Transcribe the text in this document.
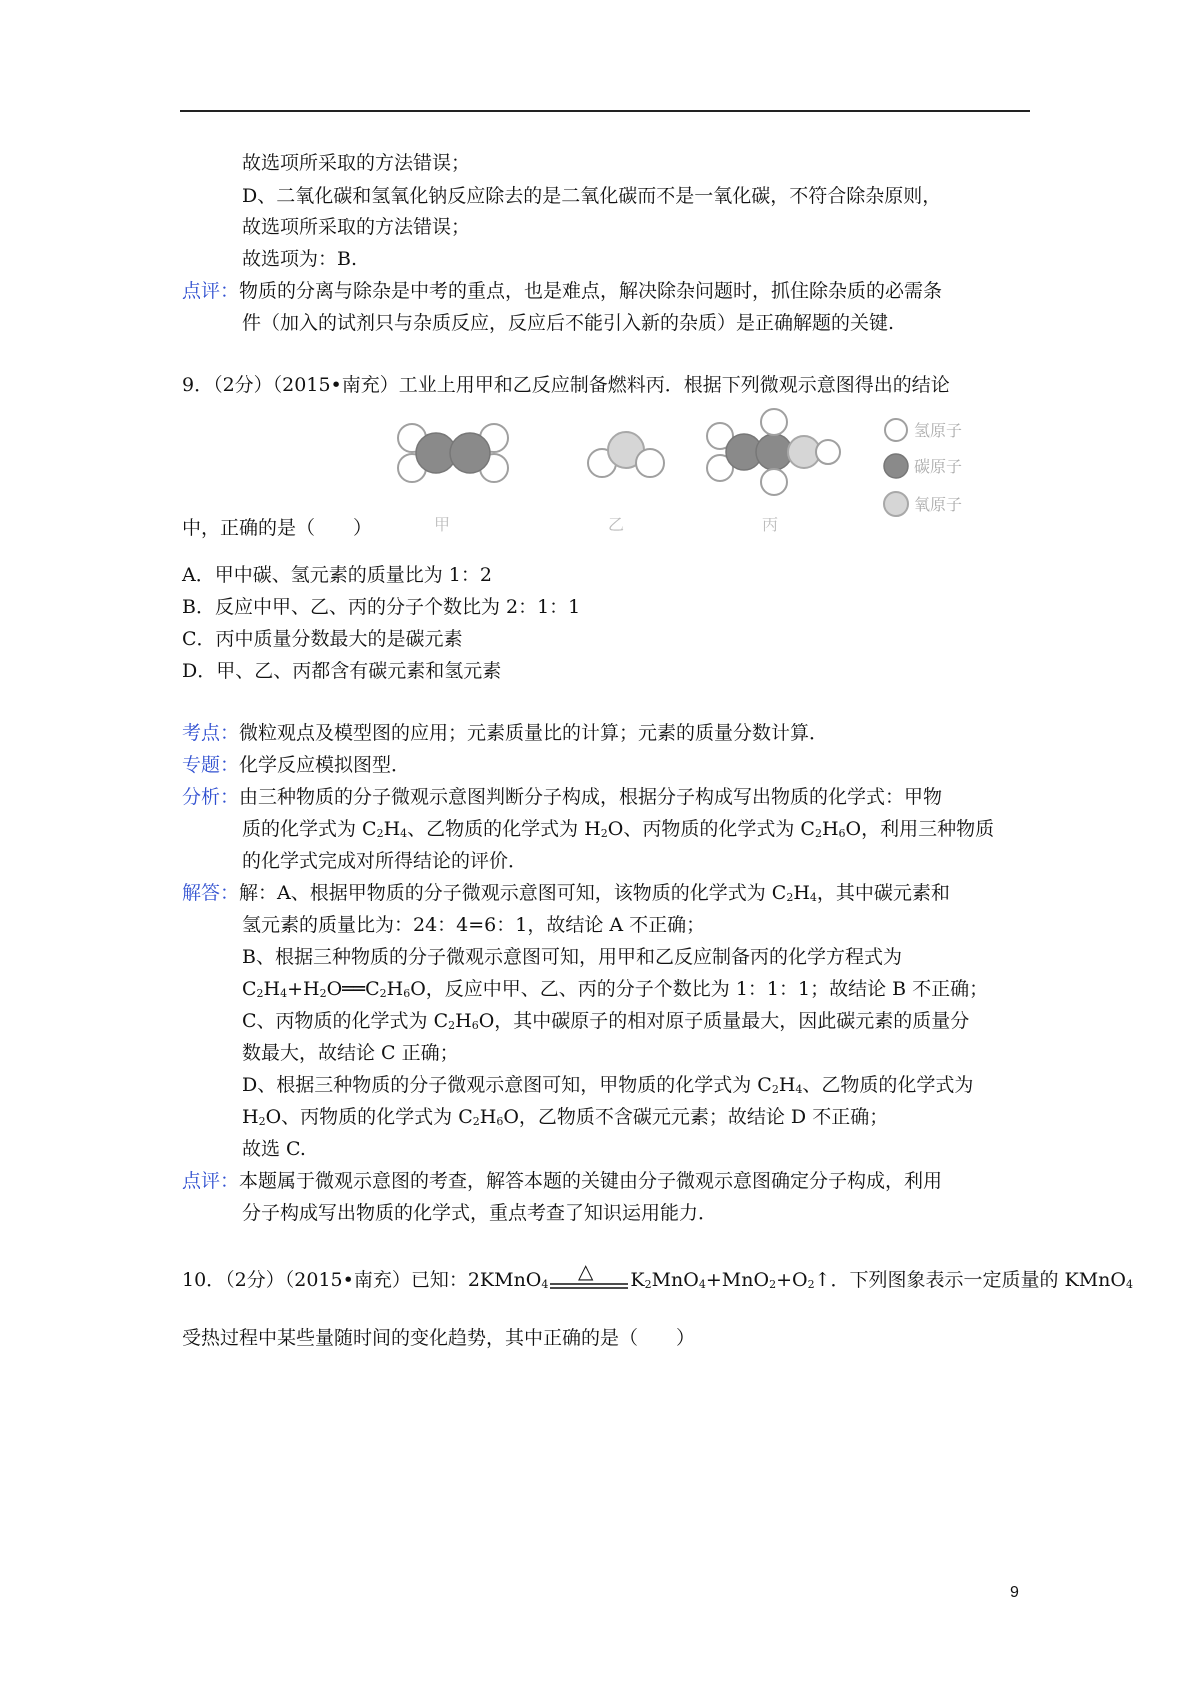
故选项所采取的方法错误；
D、二氧化碳和氢氧化钠反应除去的是二氧化碳而不是一氧化碳，不符合除杂原则，
故选项所采取的方法错误；
故选项为：B.
点评：物质的分离与除杂是中考的重点，也是难点，解决除杂问题时，抓住除杂质的必需条
件（加入的试剂只与杂质反应，反应后不能引入新的杂质）是正确解题的关键.
9．（2分）（2015•南充）工业上用甲和乙反应制备燃料丙．根据下列微观示意图得出的结论
氢原子
碳原子
氧原子
甲	乙	丙
中，正确的是（　　）
A．甲中碳、氢元素的质量比为 1：2
B．反应中甲、乙、丙的分子个数比为 2：1：1
C．丙中质量分数最大的是碳元素
D．甲、乙、丙都含有碳元素和氢元素
考点：微粒观点及模型图的应用；元素质量比的计算；元素的质量分数计算．
专题：化学反应模拟图型．
分析：由三种物质的分子微观示意图判断分子构成，根据分子构成写出物质的化学式：甲物
质的化学式为 $C_2H_4$、乙物质的化学式为 $H_2O$、丙物质的化学式为 $C_2H_6O$，利用三种物质
的化学式完成对所得结论的评价．
解答：解：A、根据甲物质的分子微观示意图可知，该物质的化学式为 $C_2H_4$，其中碳元素和
氢元素的质量比为：24：4=6：1，故结论 A 不正确；
B、根据三种物质的分子微观示意图可知，用甲和乙反应制备丙的化学方程式为
$C_2H_4+H_2O══C_2H_6O$，反应中甲、乙、丙的分子个数比为 1：1：1；故结论 B 不正确；
C、丙物质的化学式为 $C_2H_6O$，其中碳原子的相对原子质量最大，因此碳元素的质量分
数最大，故结论 C 正确；
D、根据三种物质的分子微观示意图可知，甲物质的化学式为 $C_2H_4$、乙物质的化学式为
$H_2O$、丙物质的化学式为 $C_2H_6O$，乙物质不含碳元元素；故结论 D 不正确；
故选 C.
点评：本题属于微观示意图的考查，解答本题的关键由分子微观示意图确定分子构成，利用
分子构成写出物质的化学式，重点考查了知识运用能力．
10．（2分）（2015•南充）已知：2KMnO$_4$
△ $K_2MnO_4+MnO_2+O_2↑$．下列图象表示一定质量的 KMnO$_4$
受热过程中某些量随时间的变化趋势，其中正确的是（　　）
9
